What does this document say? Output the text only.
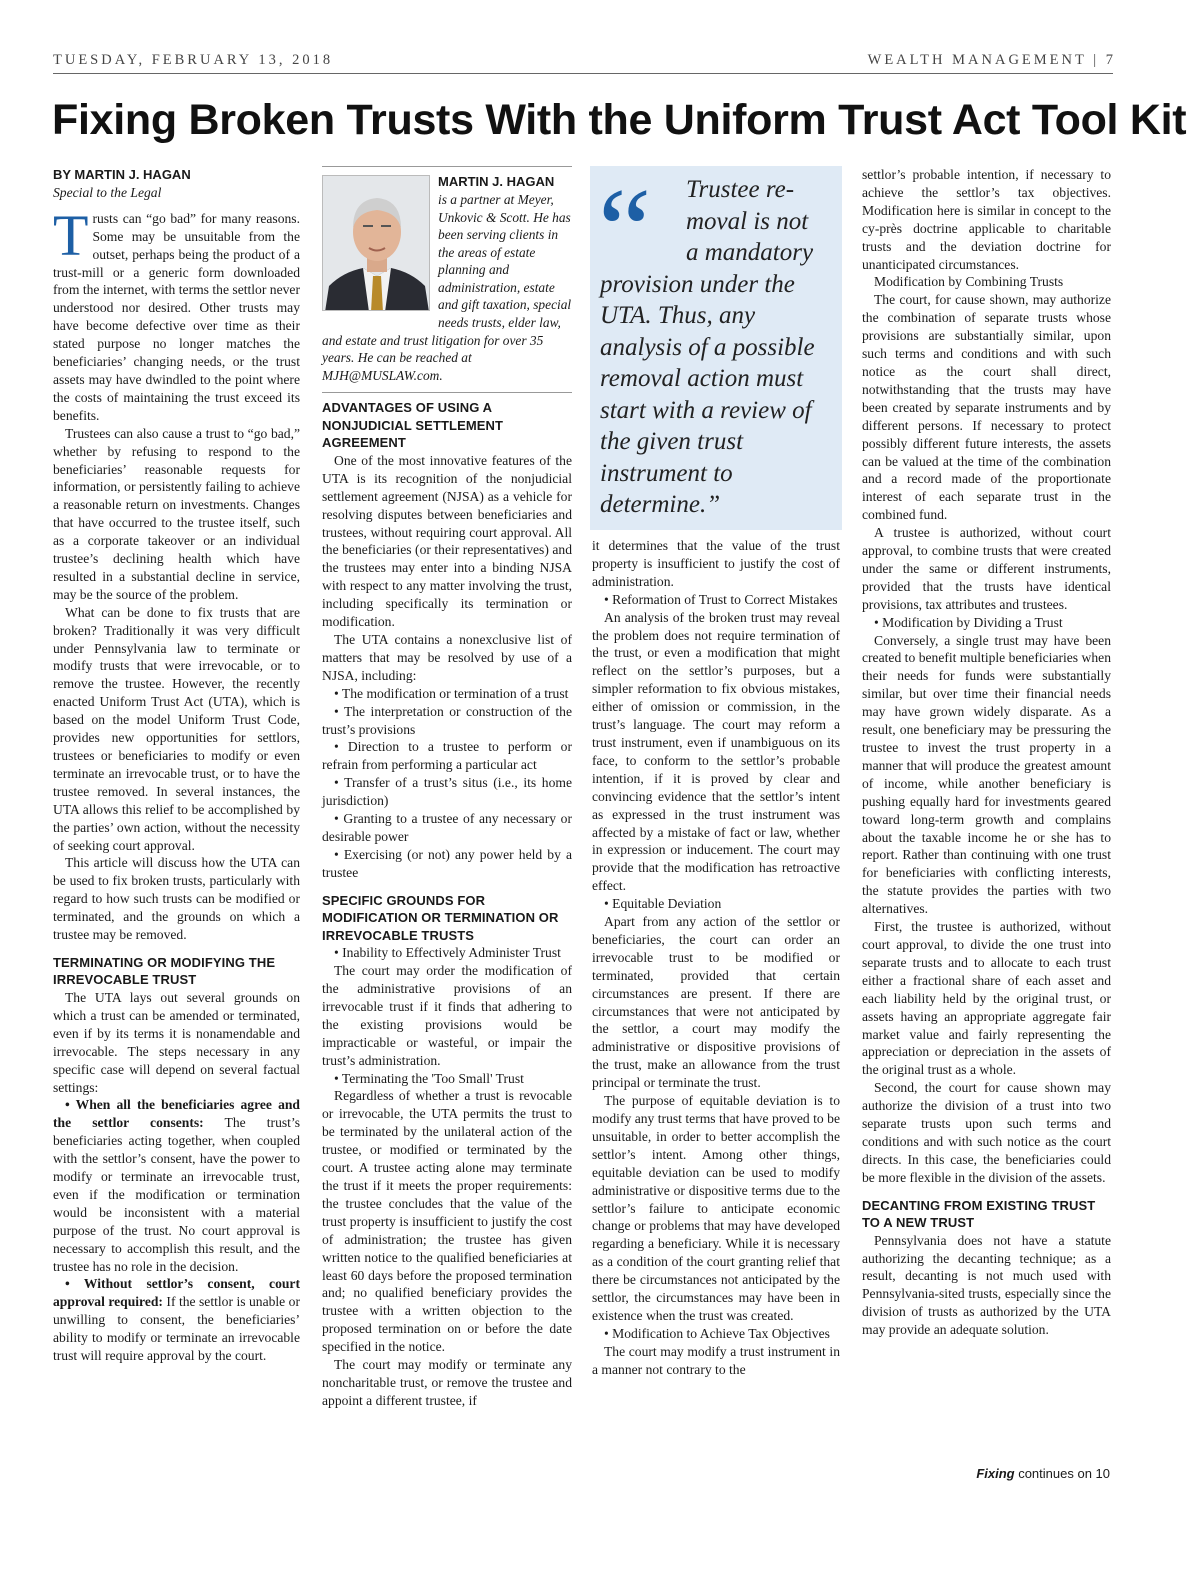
TUESDAY, FEBRUARY 13, 2018	WEALTH MANAGEMENT | 7
Fixing Broken Trusts With the Uniform Trust Act Tool Kit
BY MARTIN J. HAGAN
Special to the Legal

Trusts can “go bad” for many reasons. Some may be unsuitable from the outset, perhaps being the product of a trust-mill or a generic form downloaded from the internet, with terms the settlor never understood nor desired. Other trusts may have become defective over time as their stated purpose no longer matches the beneficiaries’ changing needs, or the trust assets may have dwindled to the point where the costs of maintaining the trust exceed its benefits.

Trustees can also cause a trust to “go bad,” whether by refusing to respond to the beneficiaries’ reasonable requests for information, or persistently failing to achieve a reasonable return on investments. Changes that have occurred to the trustee itself, such as a corporate takeover or an individual trustee’s declining health which have resulted in a substantial decline in service, may be the source of the problem.

What can be done to fix trusts that are broken? Traditionally it was very difficult under Pennsylvania law to terminate or modify trusts that were irrevocable, or to remove the trustee. However, the recently enacted Uniform Trust Act (UTA), which is based on the model Uniform Trust Code, provides new opportunities for settlors, trustees or beneficiaries to modify or even terminate an irrevocable trust, or to have the trustee removed. In several instances, the UTA allows this relief to be accomplished by the parties’ own action, without the necessity of seeking court approval.

This article will discuss how the UTA can be used to fix broken trusts, particularly with regard to how such trusts can be modified or terminated, and the grounds on which a trustee may be removed.

TERMINATING OR MODIFYING THE IRREVOCABLE TRUST

The UTA lays out several grounds on which a trust can be amended or terminated, even if by its terms it is nonamendable and irrevocable. The steps necessary in any specific case will depend on several factual settings:

• When all the beneficiaries agree and the settlor consents: The trust’s beneficiaries acting together, when coupled with the settlor’s consent, have the power to modify or terminate an irrevocable trust, even if the modification or termination would be inconsistent with a material purpose of the trust. No court approval is necessary to accomplish this result, and the trustee has no role in the decision.

• Without settlor’s consent, court approval required: If the settlor is unable or unwilling to consent, the beneficiaries’ ability to modify or terminate an irrevocable trust will require approval by the court.

MARTIN J. HAGAN
is a partner at Meyer, Unkovic & Scott. He has been serving clients in the areas of estate planning and administration, estate and gift taxation, special needs trusts, elder law, and estate and trust litigation for over 35 years. He can be reached at MJH@MUSLAW.com.
ADVANTAGES OF USING A NONJUDICIAL SETTLEMENT AGREEMENT

One of the most innovative features of the UTA is its recognition of the nonjudicial settlement agreement (NJSA) as a vehicle for resolving disputes between beneficiaries and trustees, without requiring court approval. All the beneficiaries (or their representatives) and the trustees may enter into a binding NJSA with respect to any matter involving the trust, including specifically its termination or modification.

The UTA contains a nonexclusive list of matters that may be resolved by use of a NJSA, including:

• The modification or termination of a trust

• The interpretation or construction of the trust’s provisions

• Direction to a trustee to perform or refrain from performing a particular act

• Transfer of a trust’s situs (i.e., its home jurisdiction)

• Granting to a trustee of any necessary or desirable power

• Exercising (or not) any power held by a trustee

SPECIFIC GROUNDS FOR MODIFICATION OR TERMINATION OR IRREVOCABLE TRUSTS

• Inability to Effectively Administer Trust

The court may order the modification of the administrative provisions of an irrevocable trust if it finds that adhering to the existing provisions would be impracticable or wasteful, or impair the trust’s administration.

• Terminating the 'Too Small' Trust

Regardless of whether a trust is revocable or irrevocable, the UTA permits the trust to be terminated by the unilateral action of the trustee, or modified or terminated by the court. A trustee acting alone may terminate the trust if it meets the proper requirements: the trustee concludes that the value of the trust property is insufficient to justify the cost of administration; the trustee has given written notice to the qualified beneficiaries at least 60 days before the proposed termination and; no qualified beneficiary provides the trustee with a written objection to the proposed termination on or before the date specified in the notice.

The court may modify or terminate any noncharitable trust, or remove the trustee and appoint a different trustee, if

“	Trustee re-
moval is not
a mandatory
provision under the UTA. Thus, any analysis of a possible removal action must start with a review of the given trust instrument to determine.”

it determines that the value of the trust property is insufficient to justify the cost of administration.

• Reformation of Trust to Correct Mistakes

An analysis of the broken trust may reveal the problem does not require termination of the trust, or even a modification that might reflect on the settlor’s purposes, but a simpler reformation to fix obvious mistakes, either of omission or commission, in the trust’s language. The court may reform a trust instrument, even if unambiguous on its face, to conform to the settlor’s probable intention, if it is proved by clear and convincing evidence that the settlor’s intent as expressed in the trust instrument was affected by a mistake of fact or law, whether in expression or inducement. The court may provide that the modification has retroactive effect.

• Equitable Deviation

Apart from any action of the settlor or beneficiaries, the court can order an irrevocable trust to be modified or terminated, provided that certain circumstances are present. If there are circumstances that were not anticipated by the settlor, a court may modify the administrative or dispositive provisions of the trust, make an allowance from the trust principal or terminate the trust.

The purpose of equitable deviation is to modify any trust terms that have proved to be unsuitable, in order to better accomplish the settlor’s intent. Among other things, equitable deviation can be used to modify administrative or dispositive terms due to the settlor’s failure to anticipate economic change or problems that may have developed regarding a beneficiary. While it is necessary as a condition of the court granting relief that there be circumstances not anticipated by the settlor, the circumstances may have been in existence when the trust was created.

• Modification to Achieve Tax Objectives

The court may modify a trust instrument in a manner not contrary to the

settlor’s probable intention, if necessary to achieve the settlor’s tax objectives. Modification here is similar in concept to the cy-près doctrine applicable to charitable trusts and the deviation doctrine for unanticipated circumstances.

Modification by Combining Trusts

The court, for cause shown, may authorize the combination of separate trusts whose provisions are substantially similar, upon such terms and conditions and with such notice as the court shall direct, notwithstanding that the trusts may have been created by separate instruments and by different persons. If necessary to protect possibly different future interests, the assets can be valued at the time of the combination and a record made of the proportionate interest of each separate trust in the combined fund.

A trustee is authorized, without court approval, to combine trusts that were created under the same or different instruments, provided that the trusts have identical provisions, tax attributes and trustees.

• Modification by Dividing a Trust

Conversely, a single trust may have been created to benefit multiple beneficiaries when their needs for funds were substantially similar, but over time their financial needs may have grown widely disparate. As a result, one beneficiary may be pressuring the trustee to invest the trust property in a manner that will produce the greatest amount of income, while another beneficiary is pushing equally hard for investments geared toward long-term growth and complains about the taxable income he or she has to report. Rather than continuing with one trust for beneficiaries with conflicting interests, the statute provides the parties with two alternatives.

First, the trustee is authorized, without court approval, to divide the one trust into separate trusts and to allocate to each trust either a fractional share of each asset and each liability held by the original trust, or assets having an appropriate aggregate fair market value and fairly representing the appreciation or depreciation in the assets of the original trust as a whole.

Second, the court for cause shown may authorize the division of a trust into two separate trusts upon such terms and conditions and with such notice as the court directs. In this case, the beneficiaries could be more flexible in the division of the assets.

DECANTING FROM EXISTING TRUST TO A NEW TRUST

Pennsylvania does not have a statute authorizing the decanting technique; as a result, decanting is not much used with Pennsylvania-sited trusts, especially since the division of trusts as authorized by the UTA may provide an adequate solution.

Fixing continues on 10
